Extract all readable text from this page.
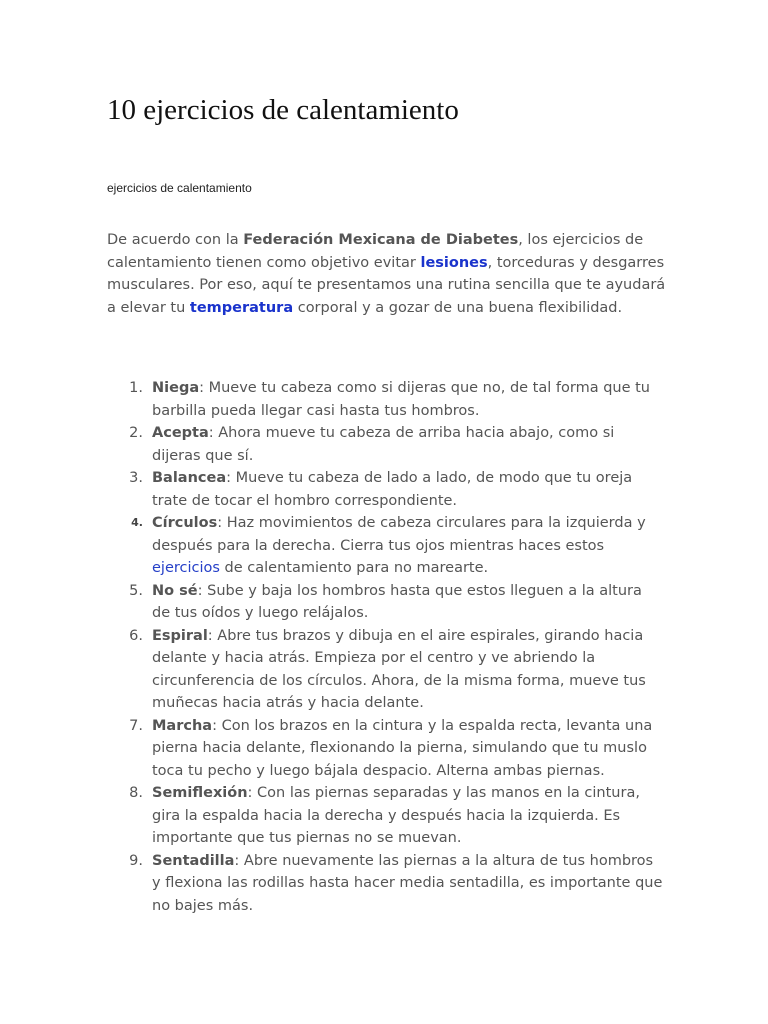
10 ejercicios de calentamiento
ejercicios de calentamiento

De acuerdo con la Federación Mexicana de Diabetes, los ejercicios de calentamiento tienen como objetivo evitar lesiones, torceduras y desgarres musculares. Por eso, aquí te presentamos una rutina sencilla que te ayudará a elevar tu temperatura corporal y a gozar de una buena flexibilidad.

1. Niega: Mueve tu cabeza como si dijeras que no, de tal forma que tu barbilla pueda llegar casi hasta tus hombros.
2. Acepta: Ahora mueve tu cabeza de arriba hacia abajo, como si dijeras que sí.
3. Balancea: Mueve tu cabeza de lado a lado, de modo que tu oreja trate de tocar el hombro correspondiente.
4. Círculos: Haz movimientos de cabeza circulares para la izquierda y después para la derecha. Cierra tus ojos mientras haces estos ejercicios de calentamiento para no marearte.
5. No sé: Sube y baja los hombros hasta que estos lleguen a la altura de tus oídos y luego relájalos.
6. Espiral: Abre tus brazos y dibuja en el aire espirales, girando hacia delante y hacia atrás. Empieza por el centro y ve abriendo la circunferencia de los círculos. Ahora, de la misma forma, mueve tus muñecas hacia atrás y hacia delante.
7. Marcha: Con los brazos en la cintura y la espalda recta, levanta una pierna hacia delante, flexionando la pierna, simulando que tu muslo toca tu pecho y luego bájala despacio. Alterna ambas piernas.
8. Semiflexión: Con las piernas separadas y las manos en la cintura, gira la espalda hacia la derecha y después hacia la izquierda. Es importante que tus piernas no se muevan.
9. Sentadilla: Abre nuevamente las piernas a la altura de tus hombros y flexiona las rodillas hasta hacer media sentadilla, es importante que no bajes más.
